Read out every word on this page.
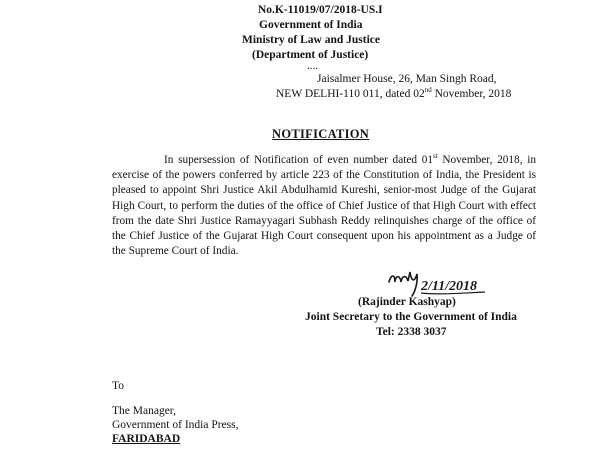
No.K-11019/07/2018-US.I
Government of India
Ministry of Law and Justice
(Department of Justice)
....
Jaisalmer House, 26, Man Singh Road,
NEW DELHI-110 011, dated 02nd November, 2018
NOTIFICATION

In supersession of Notification of even number dated 01st November, 2018, in exercise of the powers conferred by article 223 of the Constitution of India, the President is pleased to appoint Shri Justice Akil Abdulhamid Kureshi, senior-most Judge of the Gujarat High Court, to perform the duties of the office of Chief Justice of that High Court with effect from the date Shri Justice Ramayyagari Subhash Reddy relinquishes charge of the office of the Chief Justice of the Gujarat High Court consequent upon his appointment as a Judge of the Supreme Court of India.

2/11/2018
(Rajinder Kashyap)
Joint Secretary to the Government of India
Tel: 2338 3037
To
The Manager,
Government of India Press,
FARIDABAD
